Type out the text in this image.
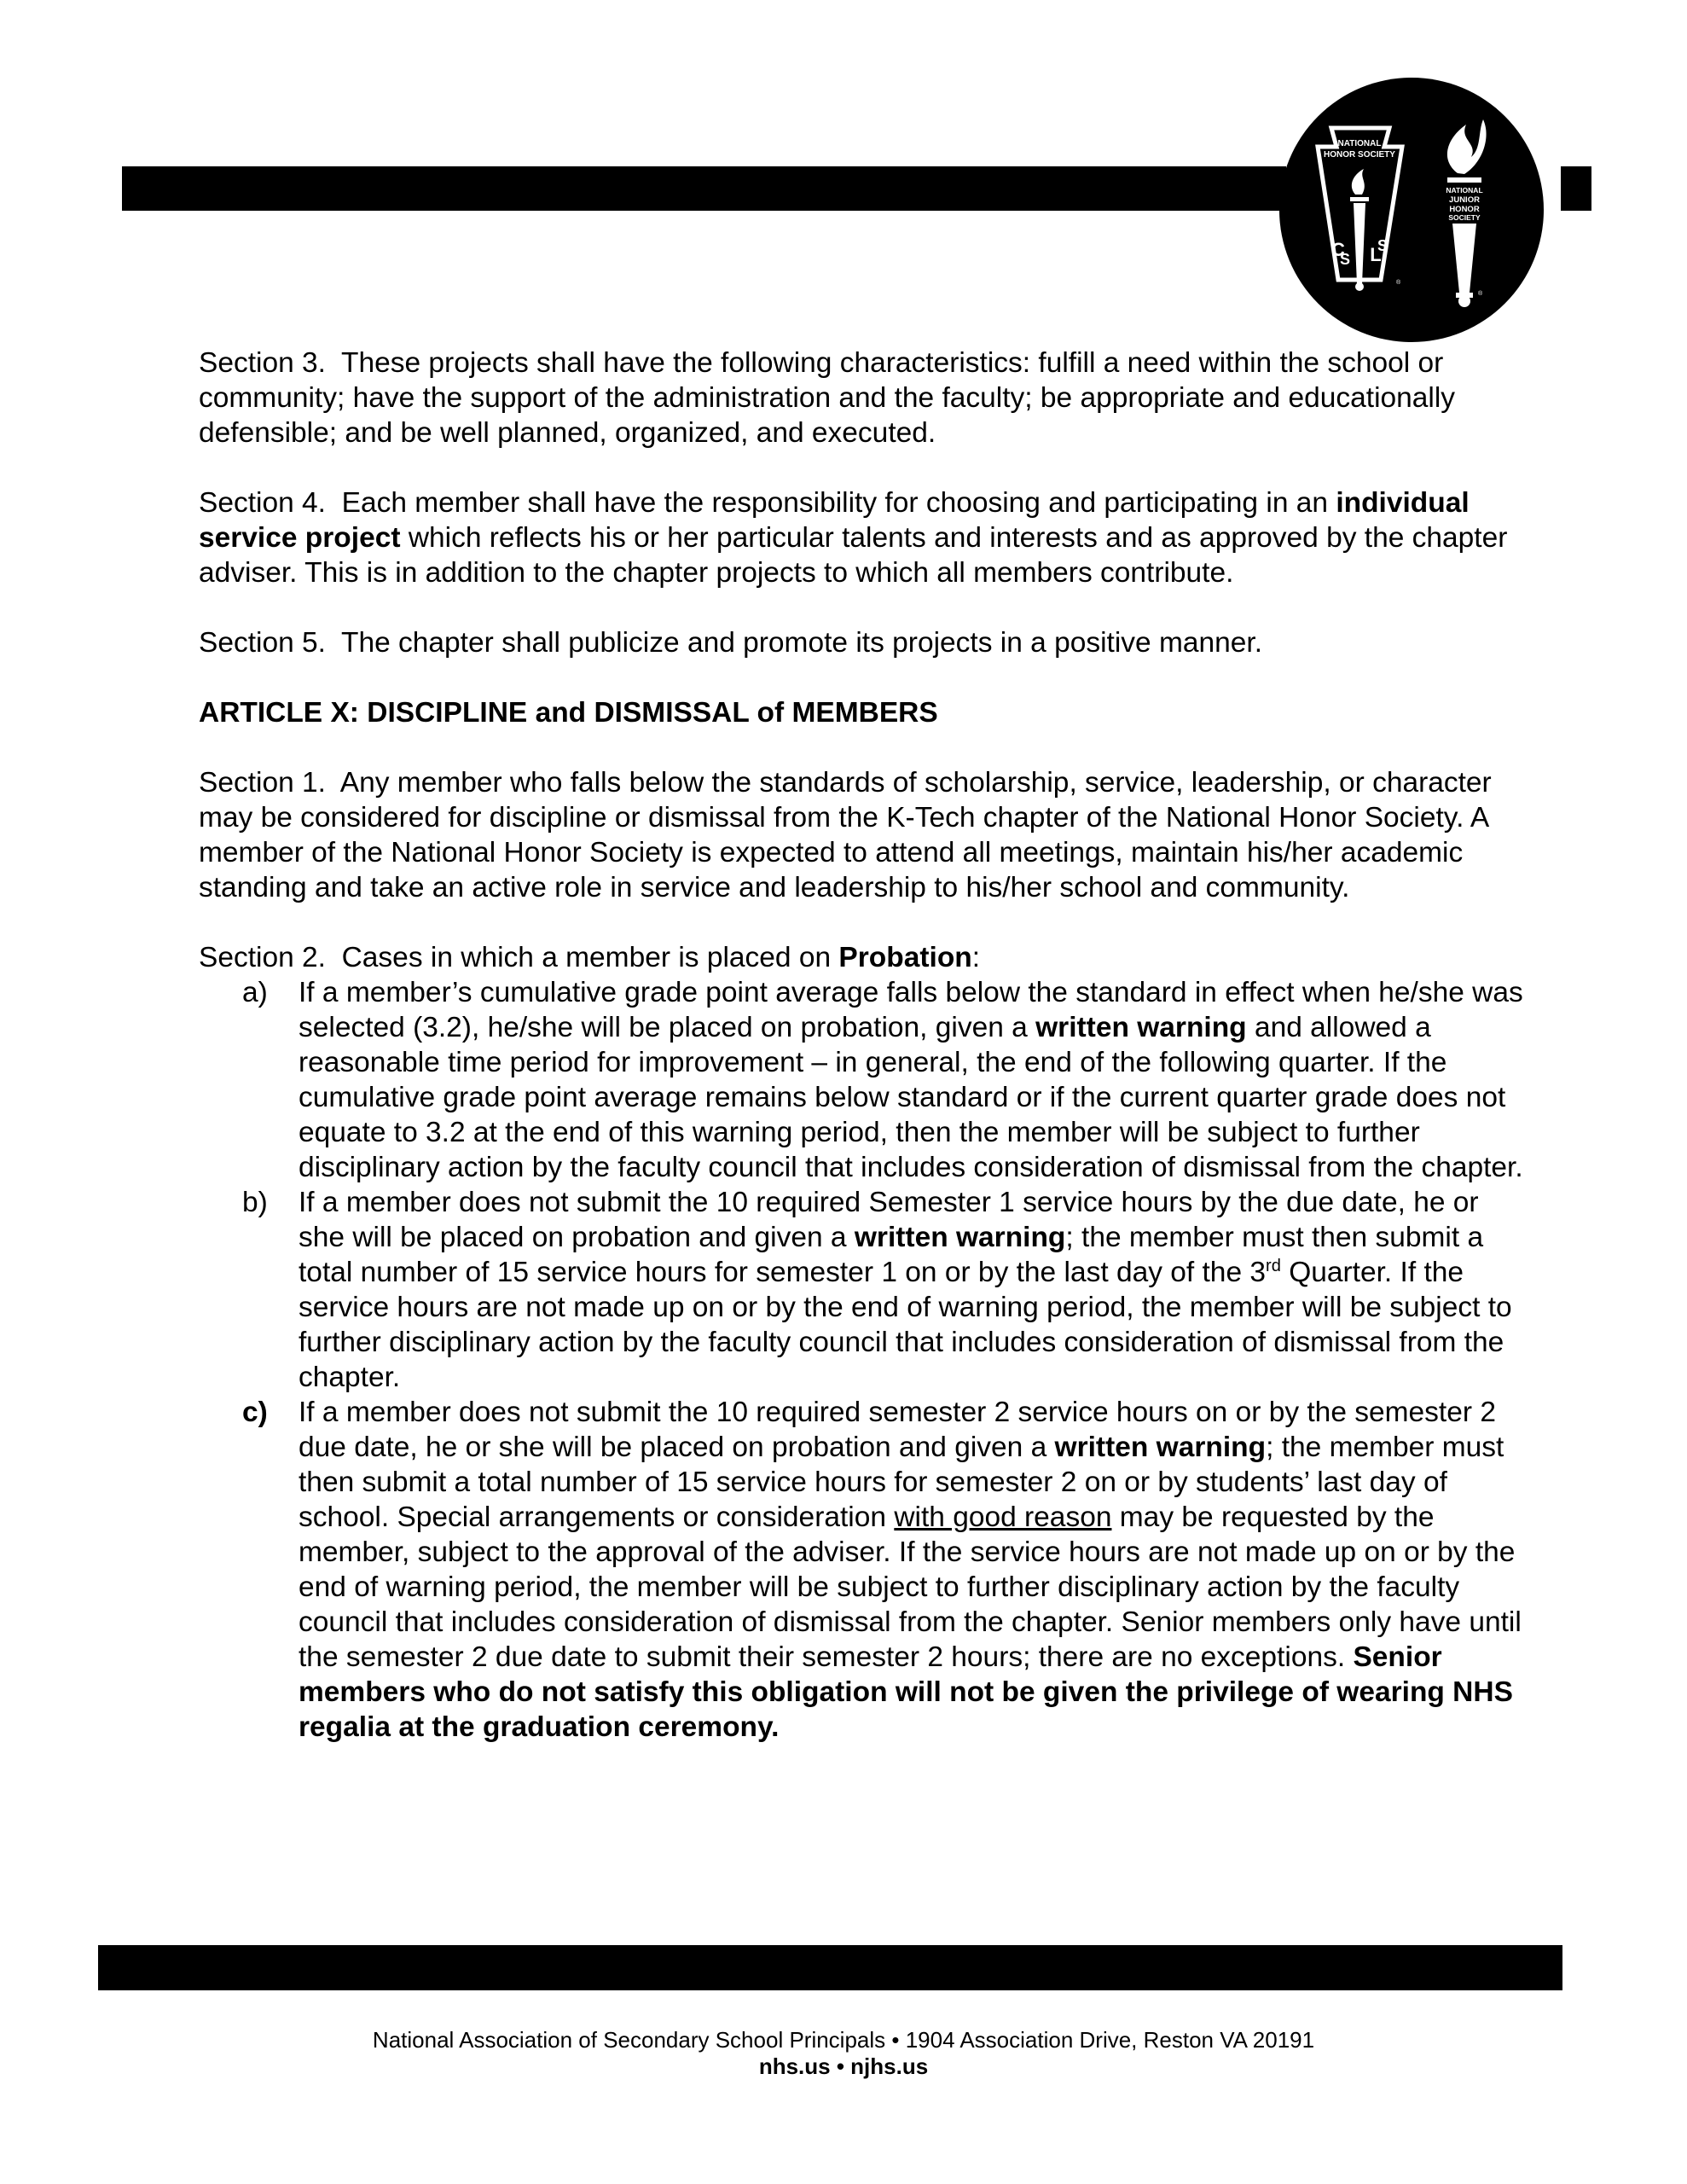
NATIONAL
HONOR SOCIETY
C
S L
S
®
NATIONAL
JUNIOR
HONOR
SOCIETY
®

Section 3. These projects shall have the following characteristics: fulfill a need within the school or community; have the support of the administration and the faculty; be appropriate and educationally defensible; and be well planned, organized, and executed.

Section 4. Each member shall have the responsibility for choosing and participating in an individual service project which reflects his or her particular talents and interests and as approved by the chapter adviser. This is in addition to the chapter projects to which all members contribute.

Section 5. The chapter shall publicize and promote its projects in a positive manner.

ARTICLE X: DISCIPLINE and DISMISSAL of MEMBERS

Section 1. Any member who falls below the standards of scholarship, service, leadership, or character may be considered for discipline or dismissal from the K-Tech chapter of the National Honor Society. A member of the National Honor Society is expected to attend all meetings, maintain his/her academic standing and take an active role in service and leadership to his/her school and community.

Section 2. Cases in which a member is placed on Probation:
a) If a member’s cumulative grade point average falls below the standard in effect when he/she was selected (3.2), he/she will be placed on probation, given a written warning and allowed a reasonable time period for improvement – in general, the end of the following quarter. If the cumulative grade point average remains below standard or if the current quarter grade does not equate to 3.2 at the end of this warning period, then the member will be subject to further disciplinary action by the faculty council that includes consideration of dismissal from the chapter.
b) If a member does not submit the 10 required Semester 1 service hours by the due date, he or she will be placed on probation and given a written warning; the member must then submit a total number of 15 service hours for semester 1 on or by the last day of the 3rd Quarter. If the service hours are not made up on or by the end of warning period, the member will be subject to further disciplinary action by the faculty council that includes consideration of dismissal from the chapter.
c) If a member does not submit the 10 required semester 2 service hours on or by the semester 2 due date, he or she will be placed on probation and given a written warning; the member must then submit a total number of 15 service hours for semester 2 on or by students’ last day of school. Special arrangements or consideration with good reason may be requested by the member, subject to the approval of the adviser. If the service hours are not made up on or by the end of warning period, the member will be subject to further disciplinary action by the faculty council that includes consideration of dismissal from the chapter. Senior members only have until the semester 2 due date to submit their semester 2 hours; there are no exceptions. Senior members who do not satisfy this obligation will not be given the privilege of wearing NHS regalia at the graduation ceremony.
National Association of Secondary School Principals • 1904 Association Drive, Reston VA 20191
nhs.us • njhs.us
